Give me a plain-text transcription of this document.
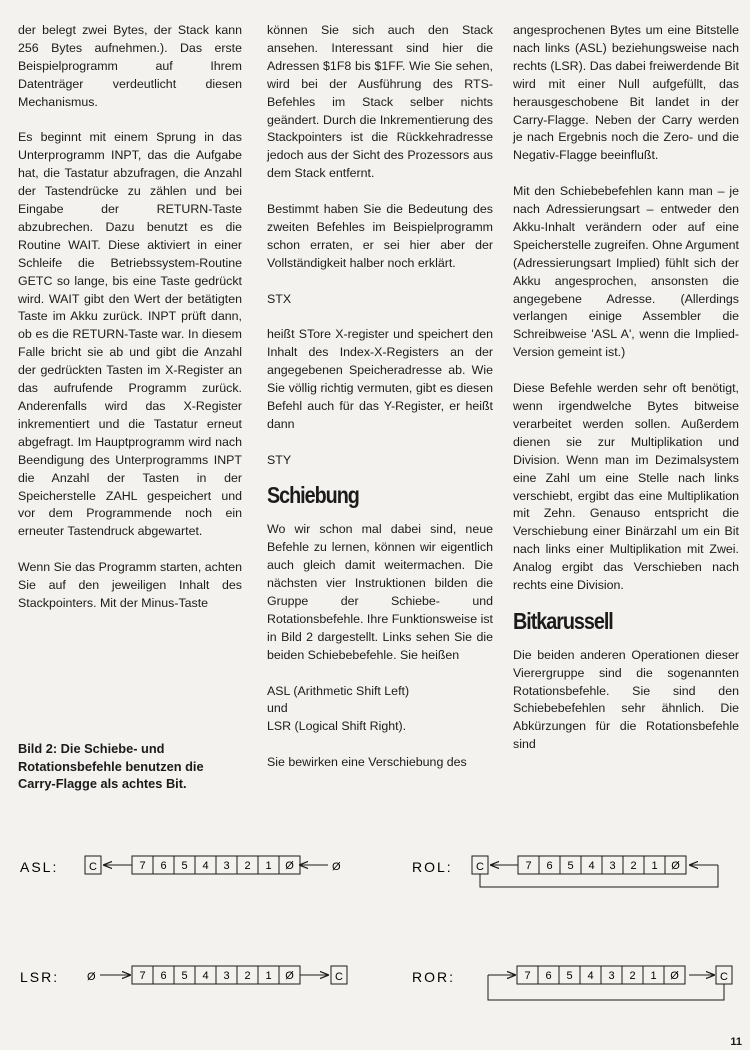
der belegt zwei Bytes, der Stack kann 256 Bytes aufnehmen.). Das erste Beispielprogramm auf Ihrem Datenträger verdeutlicht diesen Mechanismus.

Es beginnt mit einem Sprung in das Unterprogramm INPT, das die Aufgabe hat, die Tastatur abzufragen, die Anzahl der Tastendrücke zu zählen und bei Eingabe der RETURN-Taste abzubrechen. Dazu benutzt es die Routine WAIT. Diese aktiviert in einer Schleife die Betriebssystem-Routine GETC so lange, bis eine Taste gedrückt wird. WAIT gibt den Wert der betätigten Taste im Akku zurück. INPT prüft dann, ob es die RETURN-Taste war. In diesem Falle bricht sie ab und gibt die Anzahl der gedrückten Tasten im X-Register an das aufrufende Programm zurück. Anderenfalls wird das X-Register inkrementiert und die Tastatur erneut abgefragt. Im Hauptprogramm wird nach Beendigung des Unterprogramms INPT die Anzahl der Tasten in der Speicherstelle ZAHL gespeichert und vor dem Programmende noch ein erneuter Tastendruck abgewartet.

Wenn Sie das Programm starten, achten Sie auf den jeweiligen Inhalt des Stackpointers. Mit der Minus-Taste

Bild 2: Die Schiebe- und Rotationsbefehle benutzen die Carry-Flagge als achtes Bit.

können Sie sich auch den Stack ansehen. Interessant sind hier die Adressen $1F8 bis $1FF. Wie Sie sehen, wird bei der Ausführung des RTS-Befehles im Stack selber nichts geändert. Durch die Inkrementierung des Stackpointers ist die Rückkehradresse jedoch aus der Sicht des Prozessors aus dem Stack entfernt.

Bestimmt haben Sie die Bedeutung des zweiten Befehles im Beispielprogramm schon erraten, er sei hier aber der Vollständigkeit halber noch erklärt.

STX

heißt STore X-register und speichert den Inhalt des Index-X-Registers an der angegebenen Speicheradresse ab. Wie Sie völlig richtig vermuten, gibt es diesen Befehl auch für das Y-Register, er heißt dann

STY
Schiebung

Wo wir schon mal dabei sind, neue Befehle zu lernen, können wir eigentlich auch gleich damit weitermachen. Die nächsten vier Instruktionen bilden die Gruppe der Schiebe- und Rotationsbefehle. Ihre Funktionsweise ist in Bild 2 dargestellt. Links sehen Sie die beiden Schiebebefehle. Sie heißen

ASL (Arithmetic Shift Left)
und
LSR (Logical Shift Right).

Sie bewirken eine Verschiebung des

angesprochenen Bytes um eine Bitstelle nach links (ASL) beziehungsweise nach rechts (LSR). Das dabei freiwerdende Bit wird mit einer Null aufgefüllt, das herausgeschobene Bit landet in der Carry-Flagge. Neben der Carry werden je nach Ergebnis noch die Zero- und die Negativ-Flagge beeinflußt.

Mit den Schiebebefehlen kann man – je nach Adressierungsart – entweder den Akku-Inhalt verändern oder auf eine Speicherstelle zugreifen. Ohne Argument (Adressierungsart Implied) fühlt sich der Akku angesprochen, ansonsten die angegebene Adresse. (Allerdings verlangen einige Assembler die Schreibweise 'ASL A', wenn die Implied-Version gemeint ist.)

Diese Befehle werden sehr oft benötigt, wenn irgendwelche Bytes bitweise verarbeitet werden sollen. Außerdem dienen sie zur Multiplikation und Division. Wenn man im Dezimalsystem eine Zahl um eine Stelle nach links verschiebt, ergibt das eine Multiplikation mit Zehn. Genauso entspricht die Verschiebung einer Binärzahl um ein Bit nach links einer Multiplikation mit Zwei. Analog ergibt das Verschieben nach rechts eine Division.

Bitkarussell

Die beiden anderen Operationen dieser Vierergruppe sind die sogenannten Rotationsbefehle. Sie sind den Schiebebefehlen sehr ähnlich. Die Abkürzungen für die Rotationsbefehle sind

ASL:	C	7 6 5 4 3 2 1 Ø	Ø	ROL: C	7 6 5 4 3 2 1 Ø
LSR:	Ø	7 6 5 4 3 2 1 Ø	C	ROR:	7 6 5 4 3 2 1 Ø	C
11
